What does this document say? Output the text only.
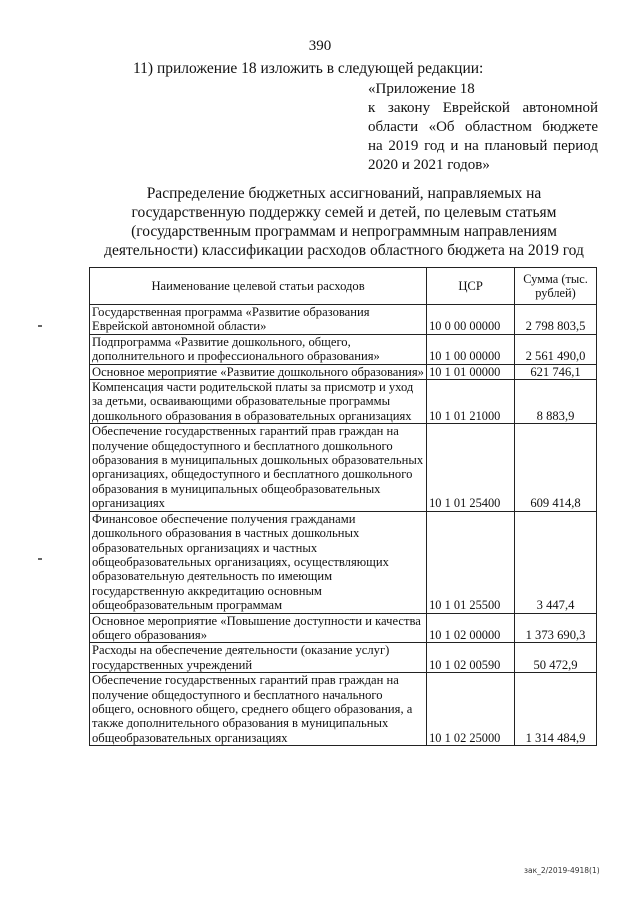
390
11) приложение 18 изложить в следующей редакции:
«Приложение 18
к закону Еврейской автономной
области «Об областном бюджете
на 2019 год и на плановый период
2020 и 2021 годов»
Распределение бюджетных ассигнований, направляемых на государственную поддержку семей и детей, по целевым статьям (государственным программам и непрограммным направлениям деятельности) классификации расходов областного бюджета на 2019 год
Наименование целевой статьи расходов	ЦСР	Сумма (тыс. рублей)
Государственная программа «Развитие образования Еврейской автономной области»	10 0 00 00000	2 798 803,5
Подпрограмма «Развитие дошкольного, общего, дополнительного и профессионального образования»	10 1 00 00000	2 561 490,0
Основное мероприятие «Развитие дошкольного образования»	10 1 01 00000	621 746,1
Компенсация части родительской платы за присмотр и уход за детьми, осваивающими образовательные программы дошкольного образования в образовательных организациях	10 1 01 21000	8 883,9
Обеспечение государственных гарантий прав граждан на получение общедоступного и бесплатного дошкольного образования в муниципальных дошкольных образовательных организациях, общедоступного и бесплатного дошкольного образования в муниципальных общеобразовательных организациях	10 1 01 25400	609 414,8
Финансовое обеспечение получения гражданами дошкольного образования в частных дошкольных образовательных организациях и частных общеобразовательных организациях, осуществляющих образовательную деятельность по имеющим государственную аккредитацию основным общеобразовательным программам	10 1 01 25500	3 447,4
Основное мероприятие «Повышение доступности и качества общего образования»	10 1 02 00000	1 373 690,3
Расходы на обеспечение деятельности (оказание услуг) государственных учреждений	10 1 02 00590	50 472,9
Обеспечение государственных гарантий прав граждан на получение общедоступного и бесплатного начального общего, основного общего, среднего общего образования, а также дополнительного образования в муниципальных общеобразовательных организациях	10 1 02 25000	1 314 484,9
зак_2/2019-4918(1)
